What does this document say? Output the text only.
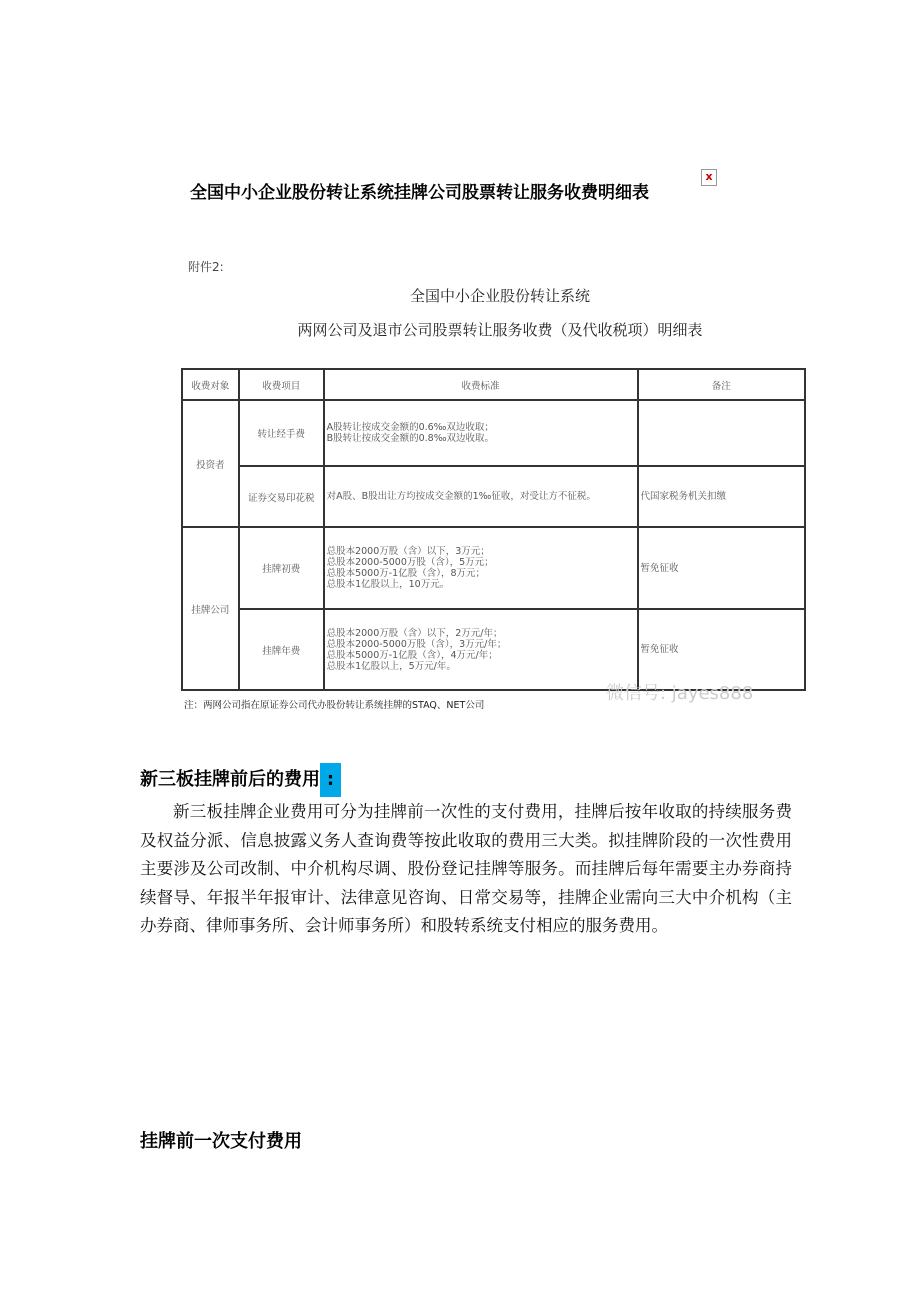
全国中小企业股份转让系统挂牌公司股票转让服务收费明细表
x
附件2:
全国中小企业股份转让系统
两网公司及退市公司股票转让服务收费（及代收税项）明细表
收费对象	收费项目	收费标准	备注
投资者	转让经手费	A股转让按成交金额的0.6‰双边收取；
B股转让按成交金额的0.8‰双边收取。	

	证券交易印花税	对A股、B股出让方均按成交金额的1‰征收，对受让方不征税。	代国家税务机关扣缴
挂牌公司	挂牌初费	总股本2000万股（含）以下，3万元；
总股本2000-5000万股（含），5万元；
总股本5000万-1亿股（含），8万元；
总股本1亿股以上，10万元。	暂免征收
	挂牌年费	总股本2000万股（含）以下，2万元/年；
总股本2000-5000万股（含），3万元/年；
总股本5000万-1亿股（含），4万元/年；
总股本1亿股以上，5万元/年。	暂免征收
注：两网公司指在原证券公司代办股份转让系统挂牌的STAQ、NET公司
微信号: jayes888
新三板挂牌前后的费用 :
新三板挂牌企业费用可分为挂牌前一次性的支付费用，挂牌后按年收取的持续服务费及权益分派、信息披露义务人查询费等按此收取的费用三大类。拟挂牌阶段的一次性费用主要涉及公司改制、中介机构尽调、股份登记挂牌等服务。而挂牌后每年需要主办券商持续督导、年报半年报审计、法律意见咨询、日常交易等，挂牌企业需向三大中介机构（主办券商、律师事务所、会计师事务所）和股转系统支付相应的服务费用。
挂牌前一次支付费用
